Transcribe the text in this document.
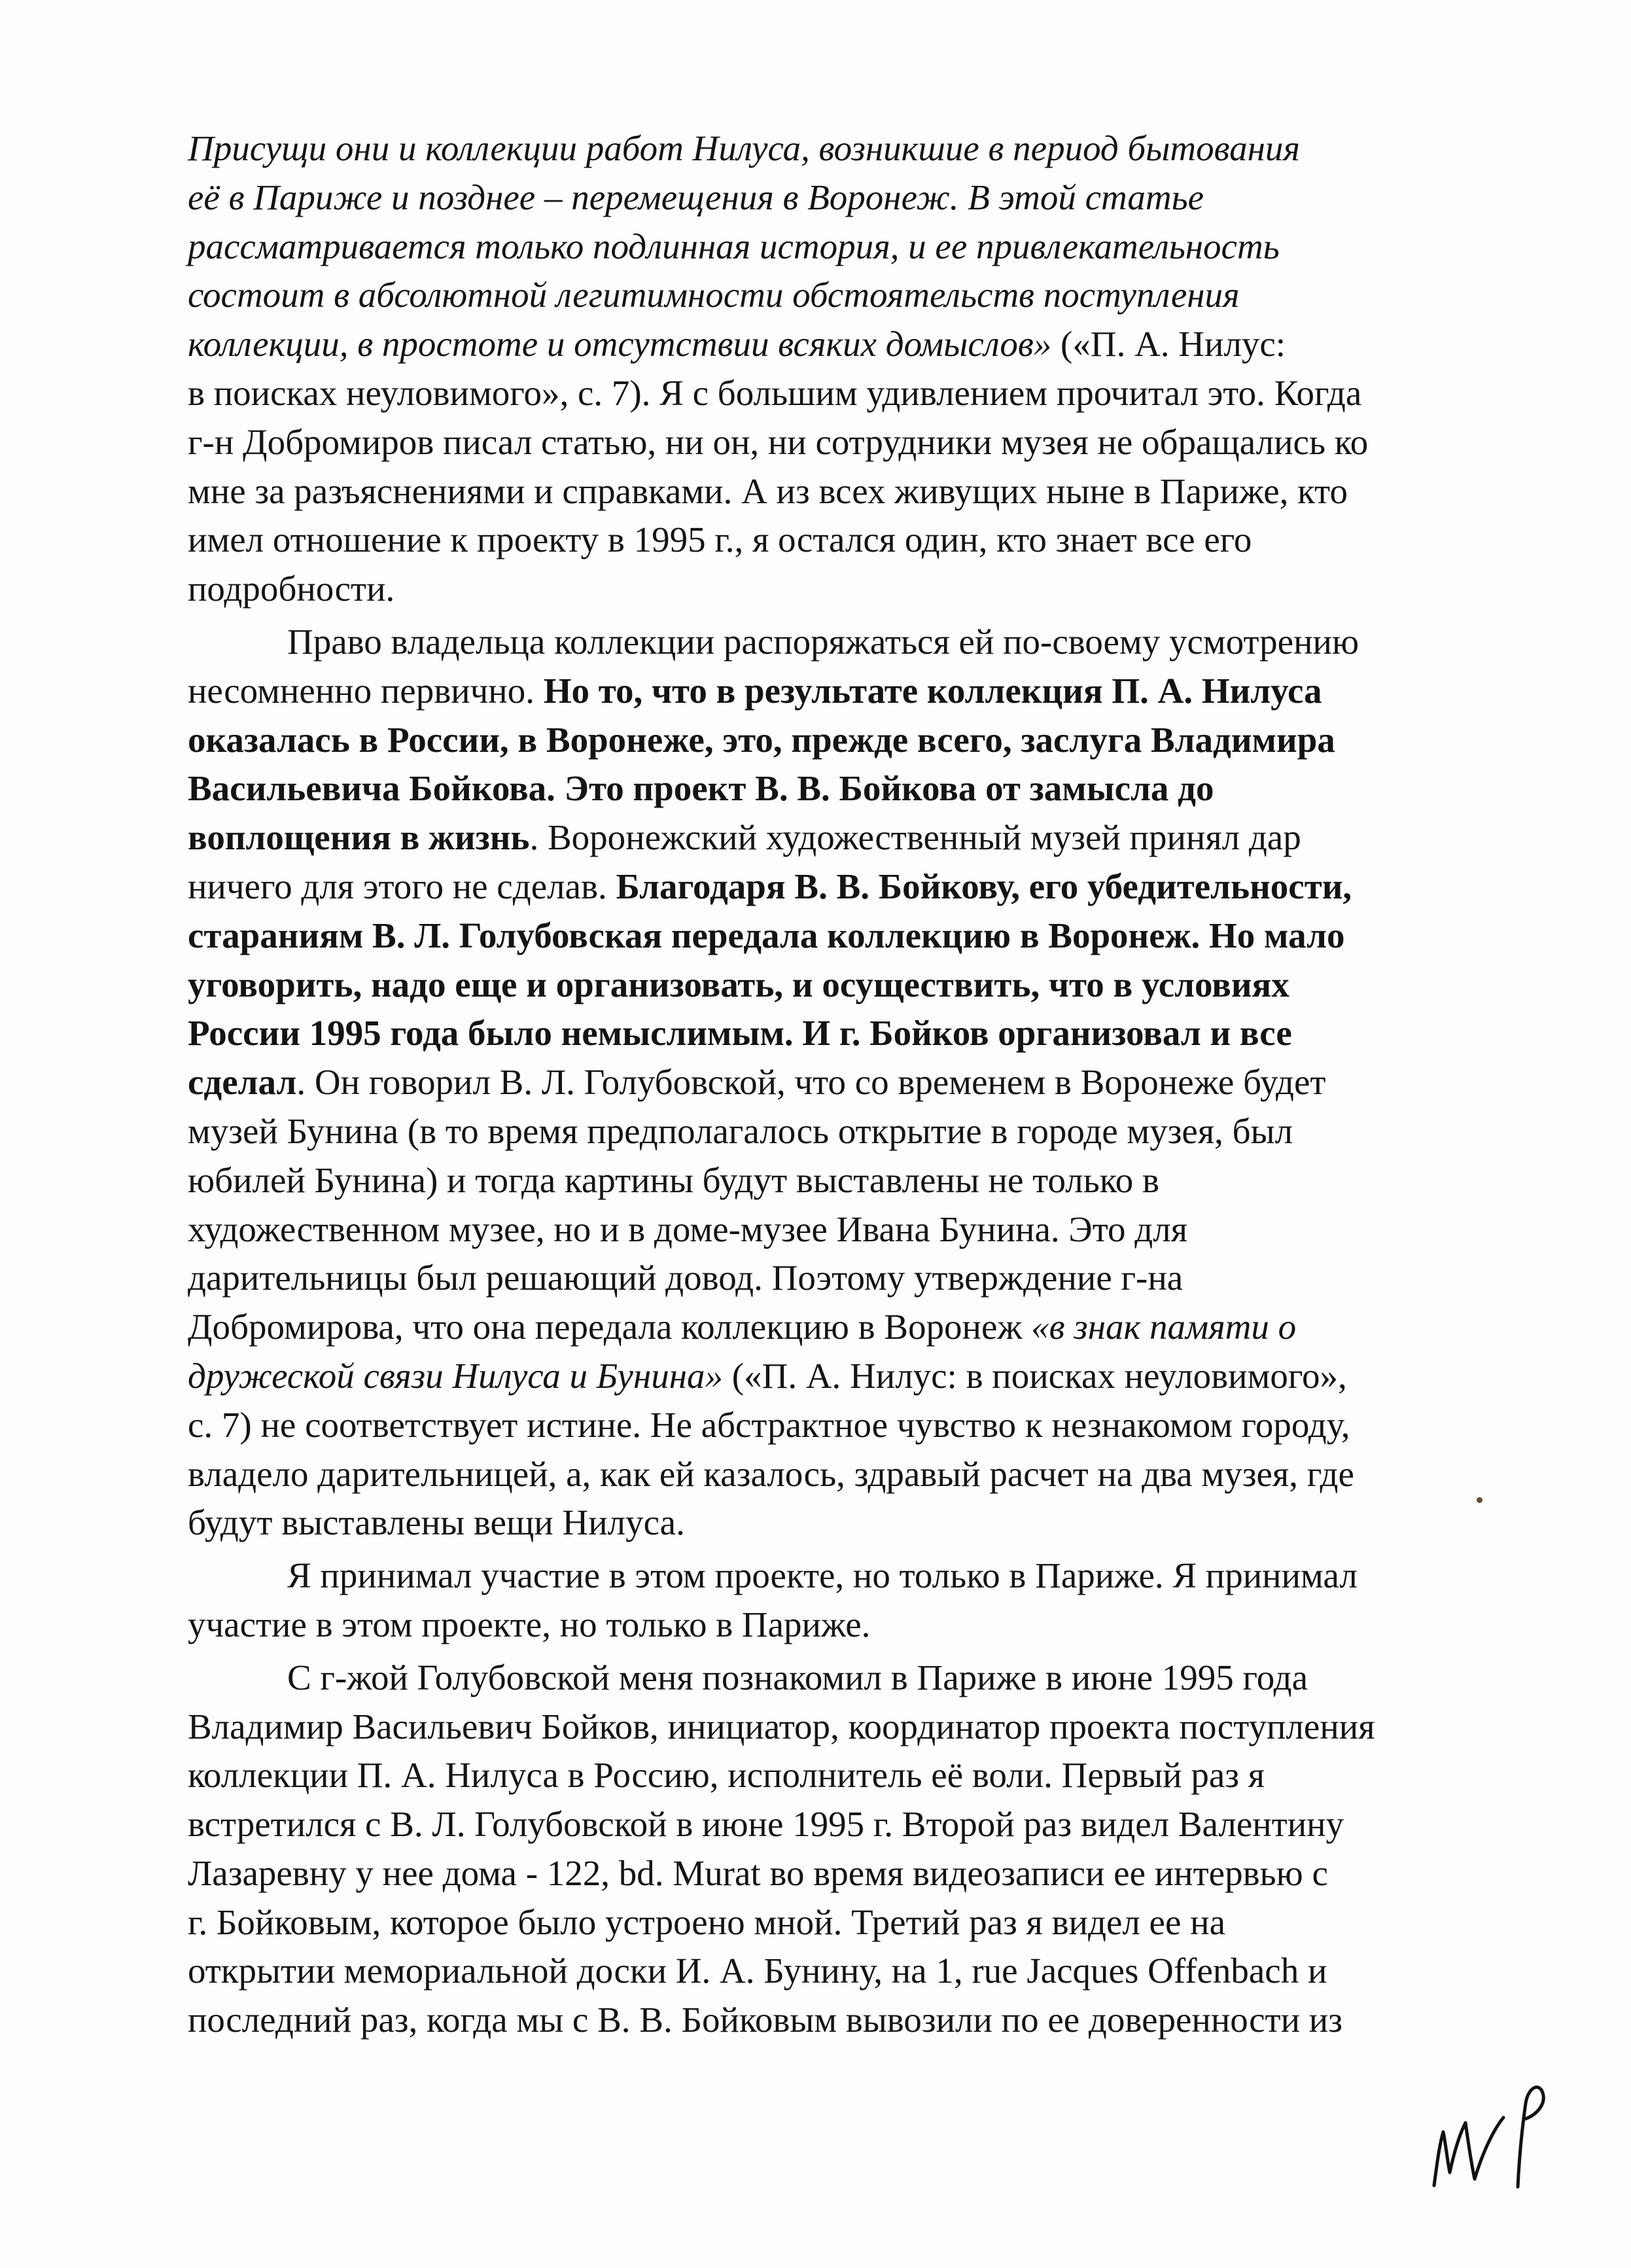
Присущи они и коллекции работ Нилуса, возникшие в период бытования
её в Париже и позднее – перемещения в Воронеж. В этой статье
рассматривается только подлинная история, и ее привлекательность
состоит в абсолютной легитимности обстоятельств поступления
коллекции, в простоте и отсутствии всяких домыслов» («П. А. Нилус:
в поисках неуловимого», с. 7). Я с большим удивлением прочитал это. Когда
г-н Добромиров писал статью, ни он, ни сотрудники музея не обращались ко
мне за разъяснениями и справками. А из всех живущих ныне в Париже, кто
имел отношение к проекту в 1995 г., я остался один, кто знает все его
подробности.
Право владельца коллекции распоряжаться ей по-своему усмотрению
несомненно первично. Но то, что в результате коллекция П. А. Нилуса
оказалась в России, в Воронеже, это, прежде всего, заслуга Владимира
Васильевича Бойкова. Это проект В. В. Бойкова от замысла до
воплощения в жизнь. Воронежский художественный музей принял дар
ничего для этого не сделав. Благодаря В. В. Бойкову, его убедительности,
стараниям В. Л. Голубовская передала коллекцию в Воронеж. Но мало
уговорить, надо еще и организовать, и осуществить, что в условиях
России 1995 года было немыслимым. И г. Бойков организовал и все
сделал. Он говорил В. Л. Голубовской, что со временем в Воронеже будет
музей Бунина (в то время предполагалось открытие в городе музея, был
юбилей Бунина) и тогда картины будут выставлены не только в
художественном музее, но и в доме-музее Ивана Бунина. Это для
дарительницы был решающий довод. Поэтому утверждение г-на
Добромирова, что она передала коллекцию в Воронеж «в знак памяти о
дружеской связи Нилуса и Бунина» («П. А. Нилус: в поисках неуловимого»,
с. 7) не соответствует истине. Не абстрактное чувство к незнакомом городу,
владело дарительницей, а, как ей казалось, здравый расчет на два музея, где
будут выставлены вещи Нилуса.
Я принимал участие в этом проекте, но только в Париже. Я принимал
участие в этом проекте, но только в Париже.
С г-жой Голубовской меня познакомил в Париже в июне 1995 года
Владимир Васильевич Бойков, инициатор, координатор проекта поступления
коллекции П. А. Нилуса в Россию, исполнитель её воли. Первый раз я
встретился с В. Л. Голубовской в июне 1995 г. Второй раз видел Валентину
Лазаревну у нее дома - 122, bd. Murat во время видеозаписи ее интервью с
г. Бойковым, которое было устроено мной. Третий раз я видел ее на
открытии мемориальной доски И. А. Бунину, на 1, rue Jacques Offenbach и
последний раз, когда мы с В. В. Бойковым вывозили по ее доверенности из
